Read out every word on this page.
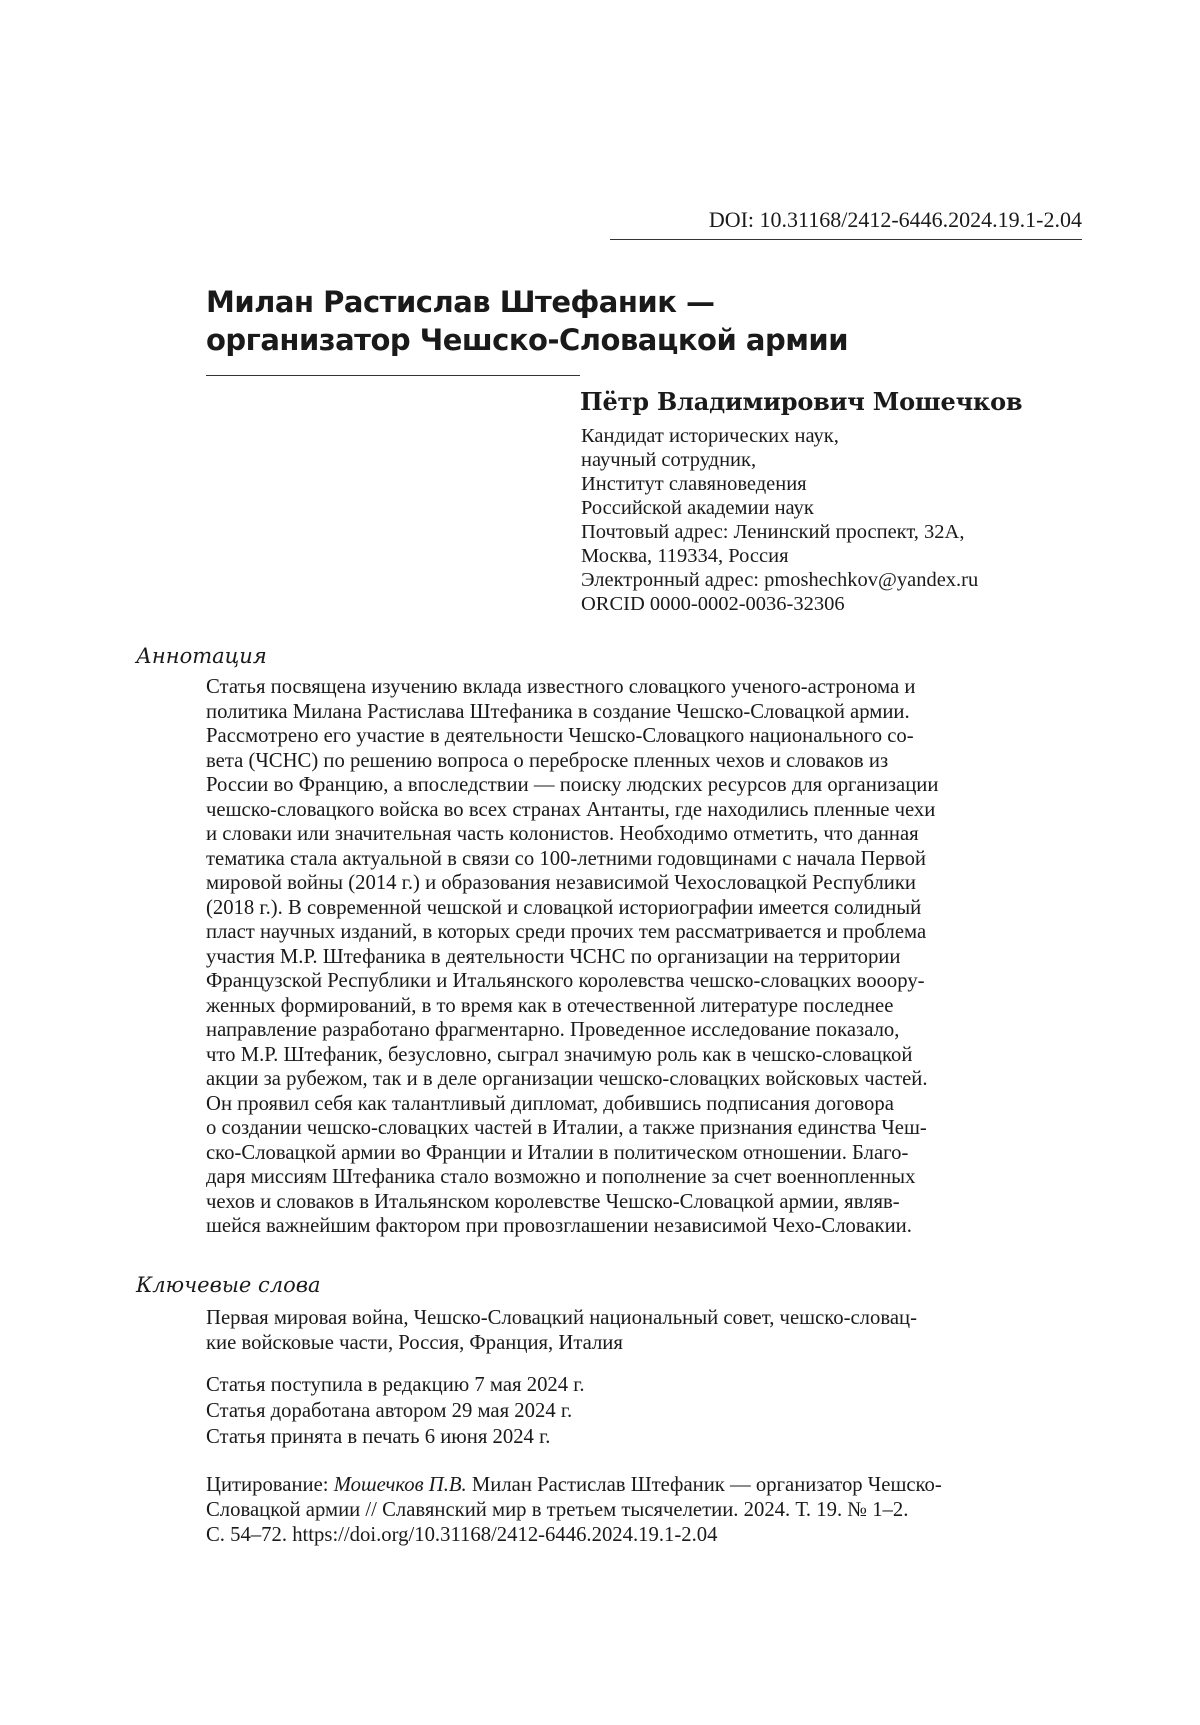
DOI: 10.31168/2412-6446.2024.19.1-2.04
Милан Растислав Штефаник —
организатор Чешско-Словацкой армии
Пётр Владимирович Мошечков
Кандидат исторических наук,
научный сотрудник,
Институт славяноведения
Российской академии наук
Почтовый адрес: Ленинский проспект, 32А,
Москва, 119334, Россия
Электронный адрес: pmoshechkov@yandex.ru
ORCID 0000-0002-0036-32306
Аннотация
Статья посвящена изучению вклада известного словацкого ученого-астронома и
политика Милана Растислава Штефаника в создание Чешско-Словацкой армии.
Рассмотрено его участие в деятельности Чешско-Словацкого национального со-
вета (ЧСНС) по решению вопроса о переброске пленных чехов и словаков из
России во Францию, а впоследствии — поиску людских ресурсов для организации
чешско-словацкого войска во всех странах Антанты, где находились пленные чехи
и словаки или значительная часть колонистов. Необходимо отметить, что данная
тематика стала актуальной в связи со 100-летними годовщинами с начала Первой
мировой войны (2014 г.) и образования независимой Чехословацкой Республики
(2018 г.). В современной чешской и словацкой историографии имеется солидный
пласт научных изданий, в которых среди прочих тем рассматривается и проблема
участия М.Р. Штефаника в деятельности ЧСНС по организации на территории
Французской Республики и Итальянского королевства чешско-словацких вооору-
женных формирований, в то время как в отечественной литературе последнее
направление разработано фрагментарно. Проведенное исследование показало,
что М.Р. Штефаник, безусловно, сыграл значимую роль как в чешско-словацкой
акции за рубежом, так и в деле организации чешско-словацких войсковых частей.
Он проявил себя как талантливый дипломат, добившись подписания договора
о создании чешско-словацких частей в Италии, а также признания единства Чеш-
ско-Словацкой армии во Франции и Италии в политическом отношении. Благо-
даря миссиям Штефаника стало возможно и пополнение за счет военнопленных
чехов и словаков в Итальянском королевстве Чешско-Словацкой армии, являв-
шейся важнейшим фактором при провозглашении независимой Чехо-Словакии.
Ключевые слова
Первая мировая война, Чешско-Словацкий национальный совет, чешско-словац-
кие войсковые части, Россия, Франция, Италия
Статья поступила в редакцию 7 мая 2024 г.
Статья доработана автором 29 мая 2024 г.
Статья принята в печать 6 июня 2024 г.
Цитирование: Мошечков П.В. Милан Растислав Штефаник — организатор Чешско-
Словацкой армии // Славянский мир в третьем тысячелетии. 2024. Т. 19. № 1–2.
С. 54–72. https://doi.org/10.31168/2412-6446.2024.19.1-2.04
